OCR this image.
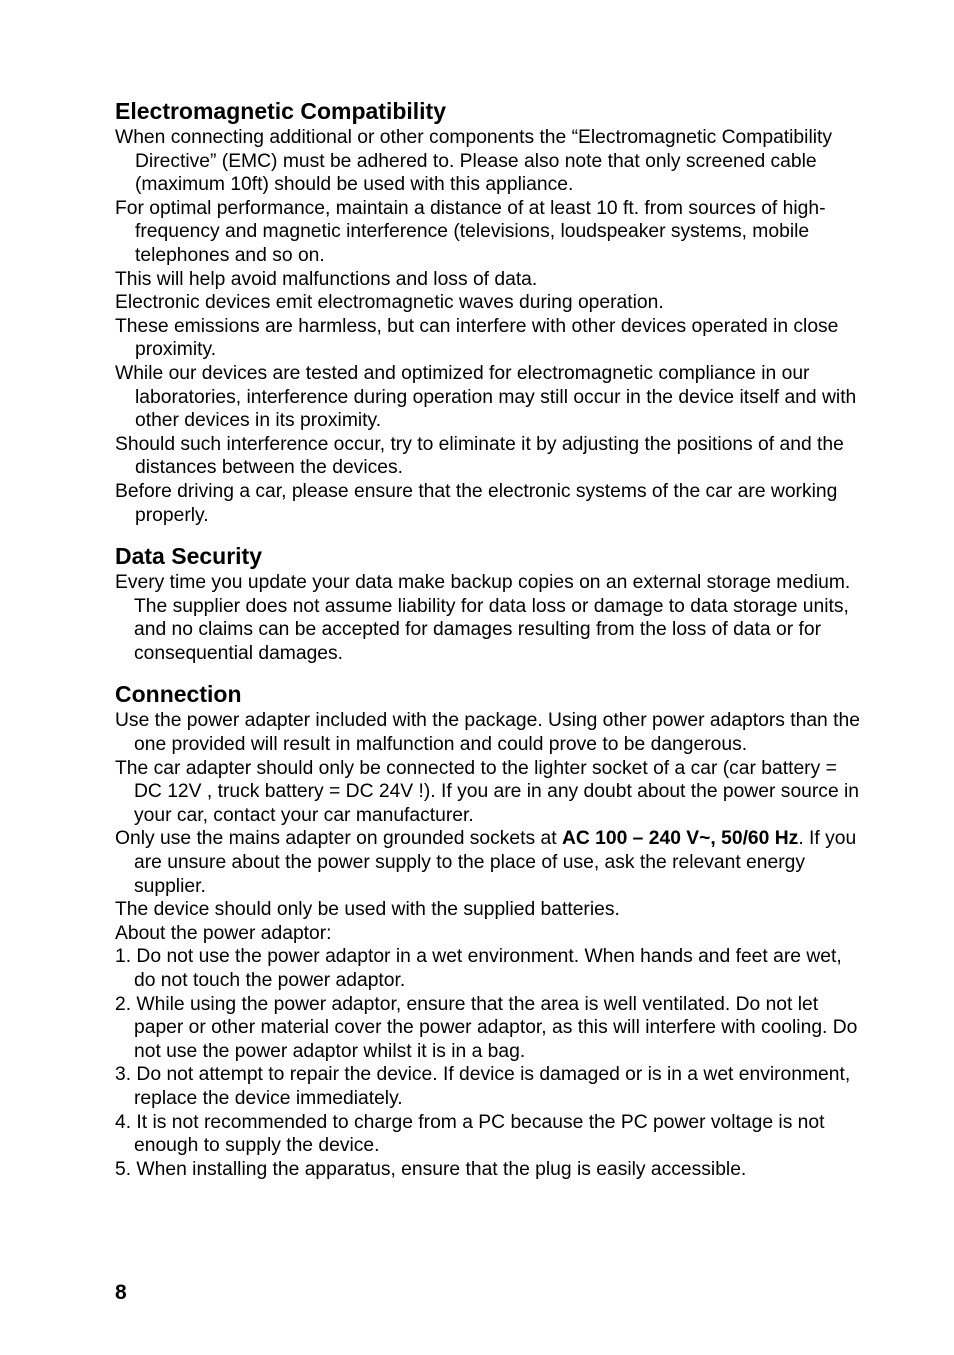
Electromagnetic Compatibility

When connecting additional or other components the “Electromagnetic Compatibility Directive” (EMC) must be adhered to. Please also note that only screened cable (maximum 10ft) should be used with this appliance.

For optimal performance, maintain a distance of at least 10 ft. from sources of high-frequency and magnetic interference (televisions, loudspeaker systems, mobile telephones and so on.

This will help avoid malfunctions and loss of data.

Electronic devices emit electromagnetic waves during operation.

These emissions are harmless, but can interfere with other devices operated in close proximity.

While our devices are tested and optimized for electromagnetic compliance in our laboratories, interference during operation may still occur in the device itself and with other devices in its proximity.

Should such interference occur, try to eliminate it by adjusting the positions of and the distances between the devices.

Before driving a car, please ensure that the electronic systems of the car are working properly.

Data Security

Every time you update your data make backup copies on an external storage medium. The supplier does not assume liability for data loss or damage to data storage units, and no claims can be accepted for damages resulting from the loss of data or for consequential damages.

Connection

Use the power adapter included with the package. Using other power adaptors than the one provided will result in malfunction and could prove to be dangerous.

The car adapter should only be connected to the lighter socket of a car (car battery = DC 12V , truck battery = DC 24V !). If you are in any doubt about the power source in your car, contact your car manufacturer.

Only use the mains adapter on grounded sockets at AC 100 – 240 V~, 50/60 Hz. If you are unsure about the power supply to the place of use, ask the relevant energy supplier.

The device should only be used with the supplied batteries.

About the power adaptor:

1. Do not use the power adaptor in a wet environment. When hands and feet are wet, do not touch the power adaptor.

2. While using the power adaptor, ensure that the area is well ventilated. Do not let paper or other material cover the power adaptor, as this will interfere with cooling. Do not use the power adaptor whilst it is in a bag.

3. Do not attempt to repair the device. If device is damaged or is in a wet environment, replace the device immediately.

4. It is not recommended to charge from a PC because the PC power voltage is not enough to supply the device.

5. When installing the apparatus, ensure that the plug is easily accessible.

8
